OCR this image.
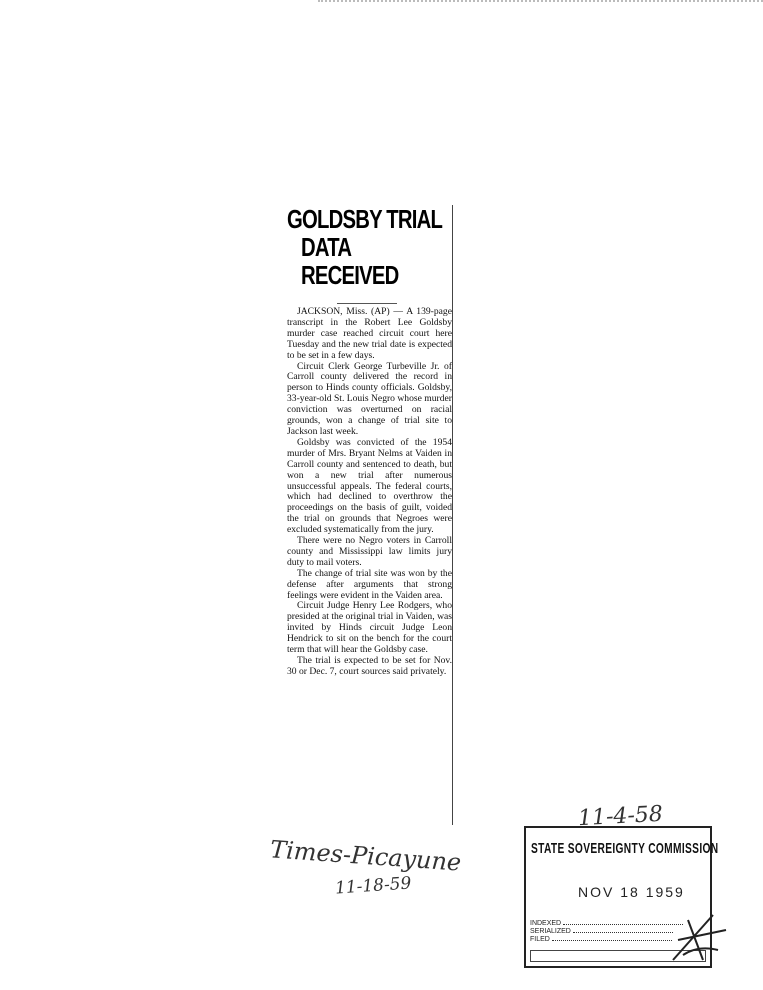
GOLDSBY TRIAL
DATA RECEIVED

JACKSON, Miss. (AP) — A 139-page transcript in the Robert Lee Goldsby murder case reached circuit court here Tuesday and the new trial date is expected to be set in a few days.

Circuit Clerk George Turbeville Jr. of Carroll county delivered the record in person to Hinds county officials. Goldsby, 33-year-old St. Louis Negro whose murder conviction was overturned on racial grounds, won a change of trial site to Jackson last week.

Goldsby was convicted of the 1954 murder of Mrs. Bryant Nelms at Vaiden in Carroll county and sentenced to death, but won a new trial after numerous unsuccessful appeals. The federal courts, which had declined to overthrow the proceedings on the basis of guilt, voided the trial on grounds that Negroes were excluded systematically from the jury.

There were no Negro voters in Carroll county and Mississippi law limits jury duty to mail voters.

The change of trial site was won by the defense after arguments that strong feelings were evident in the Vaiden area.

Circuit Judge Henry Lee Rodgers, who presided at the original trial in Vaiden, was invited by Hinds circuit Judge Leon Hendrick to sit on the bench for the court term that will hear the Goldsby case.

The trial is expected to be set for Nov. 30 or Dec. 7, court sources said privately.

Times-Picayune
11-18-59
11-4-58
STATE SOVEREIGNTY COMMISSION
NOV 18 1959
INDEXED
SERIALIZED
FILED
